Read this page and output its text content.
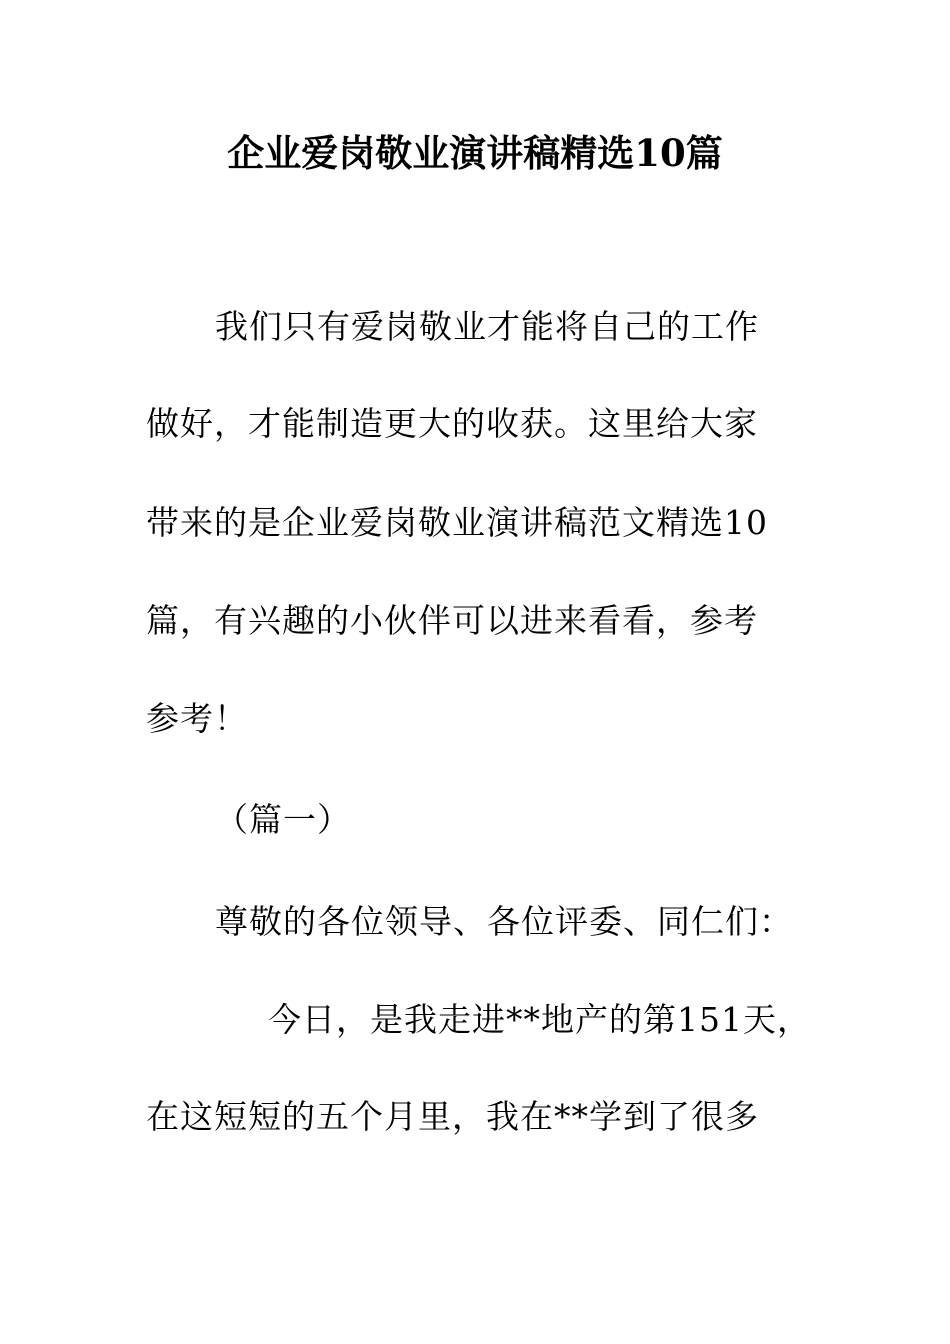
企业爱岗敬业演讲稿精选10篇
我们只有爱岗敬业才能将自己的工作
做好，才能制造更大的收获。这里给大家
带来的是企业爱岗敬业演讲稿范文精选10
篇，有兴趣的小伙伴可以进来看看，参考
参考！
（篇一）
尊敬的各位领导、各位评委、同仁们：
今日，是我走进**地产的第151天，
在这短短的五个月里，我在**学到了很多
